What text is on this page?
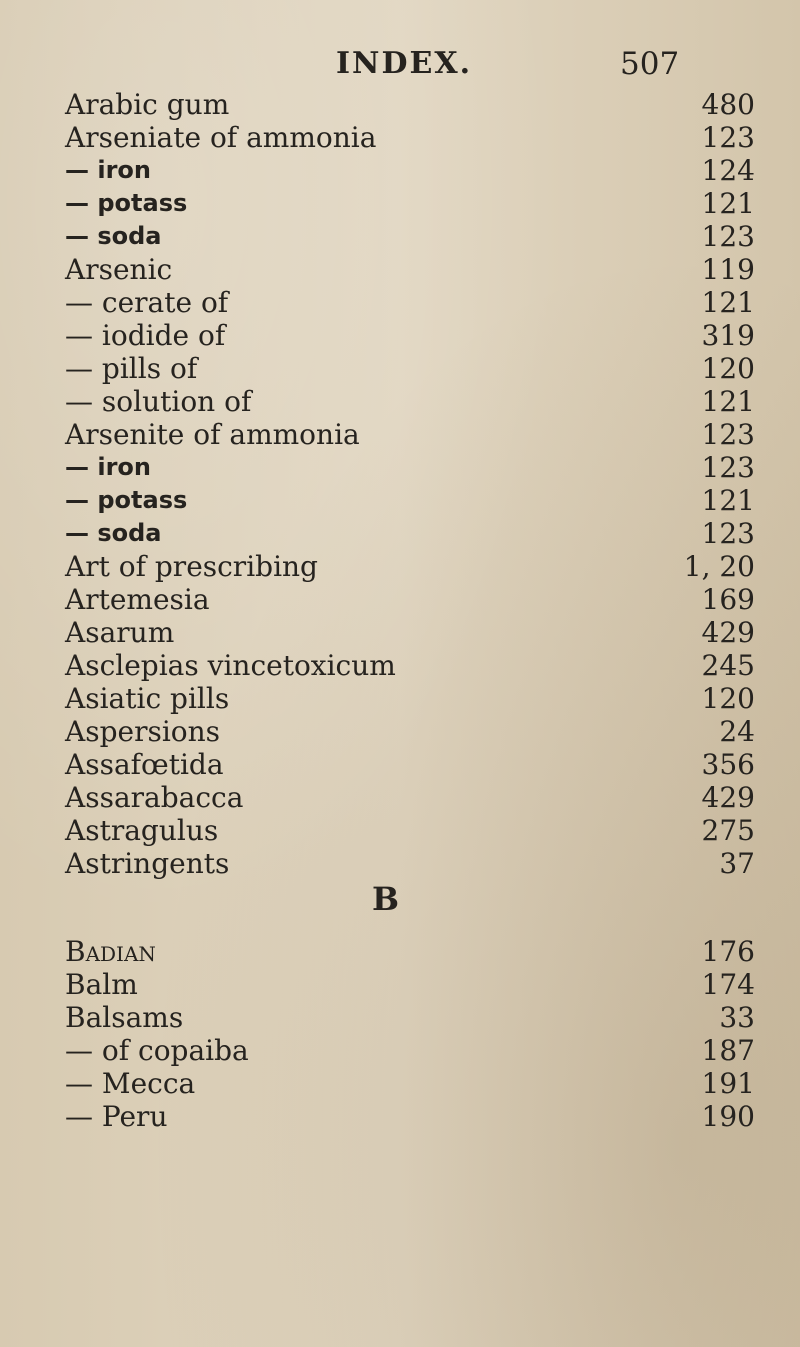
INDEX.	507
Arabic gum	480
Arseniate of ammonia	123
— iron	124
— potass	121
— soda	123
Arsenic	119
— cerate of	121
— iodide of	319
— pills of	120
— solution of	121
Arsenite of ammonia	123
— iron	123
— potass	121
— soda	123
Art of prescribing	1, 20
Artemesia	169
Asarum	429
Asclepias vincetoxicum	245
Asiatic pills	120
Aspersions	24
Assafœtida	356
Assarabacca	429
Astragulus	275
Astringents	37
B
Badian	176
Balm	174
Balsams	33
— of copaiba	187
— Mecca	191
— Peru	190
